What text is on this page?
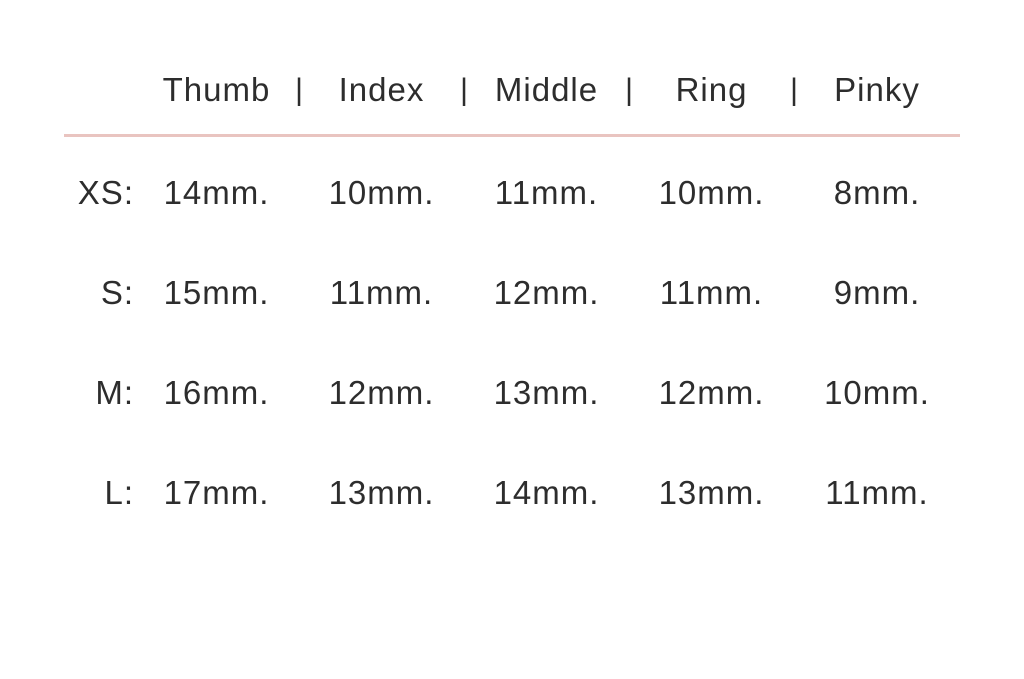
Thumb	Index	Middle	Ring	Pinky
|	|	|	|
XS: 14mm.	10mm.	11mm.	10mm.	8mm.
S: 15mm.	11mm.	12mm.	11mm.	9mm.
M: 16mm.	12mm.	13mm.	12mm.	10mm.
L: 17mm.	13mm.	14mm.	13mm.	11mm.
